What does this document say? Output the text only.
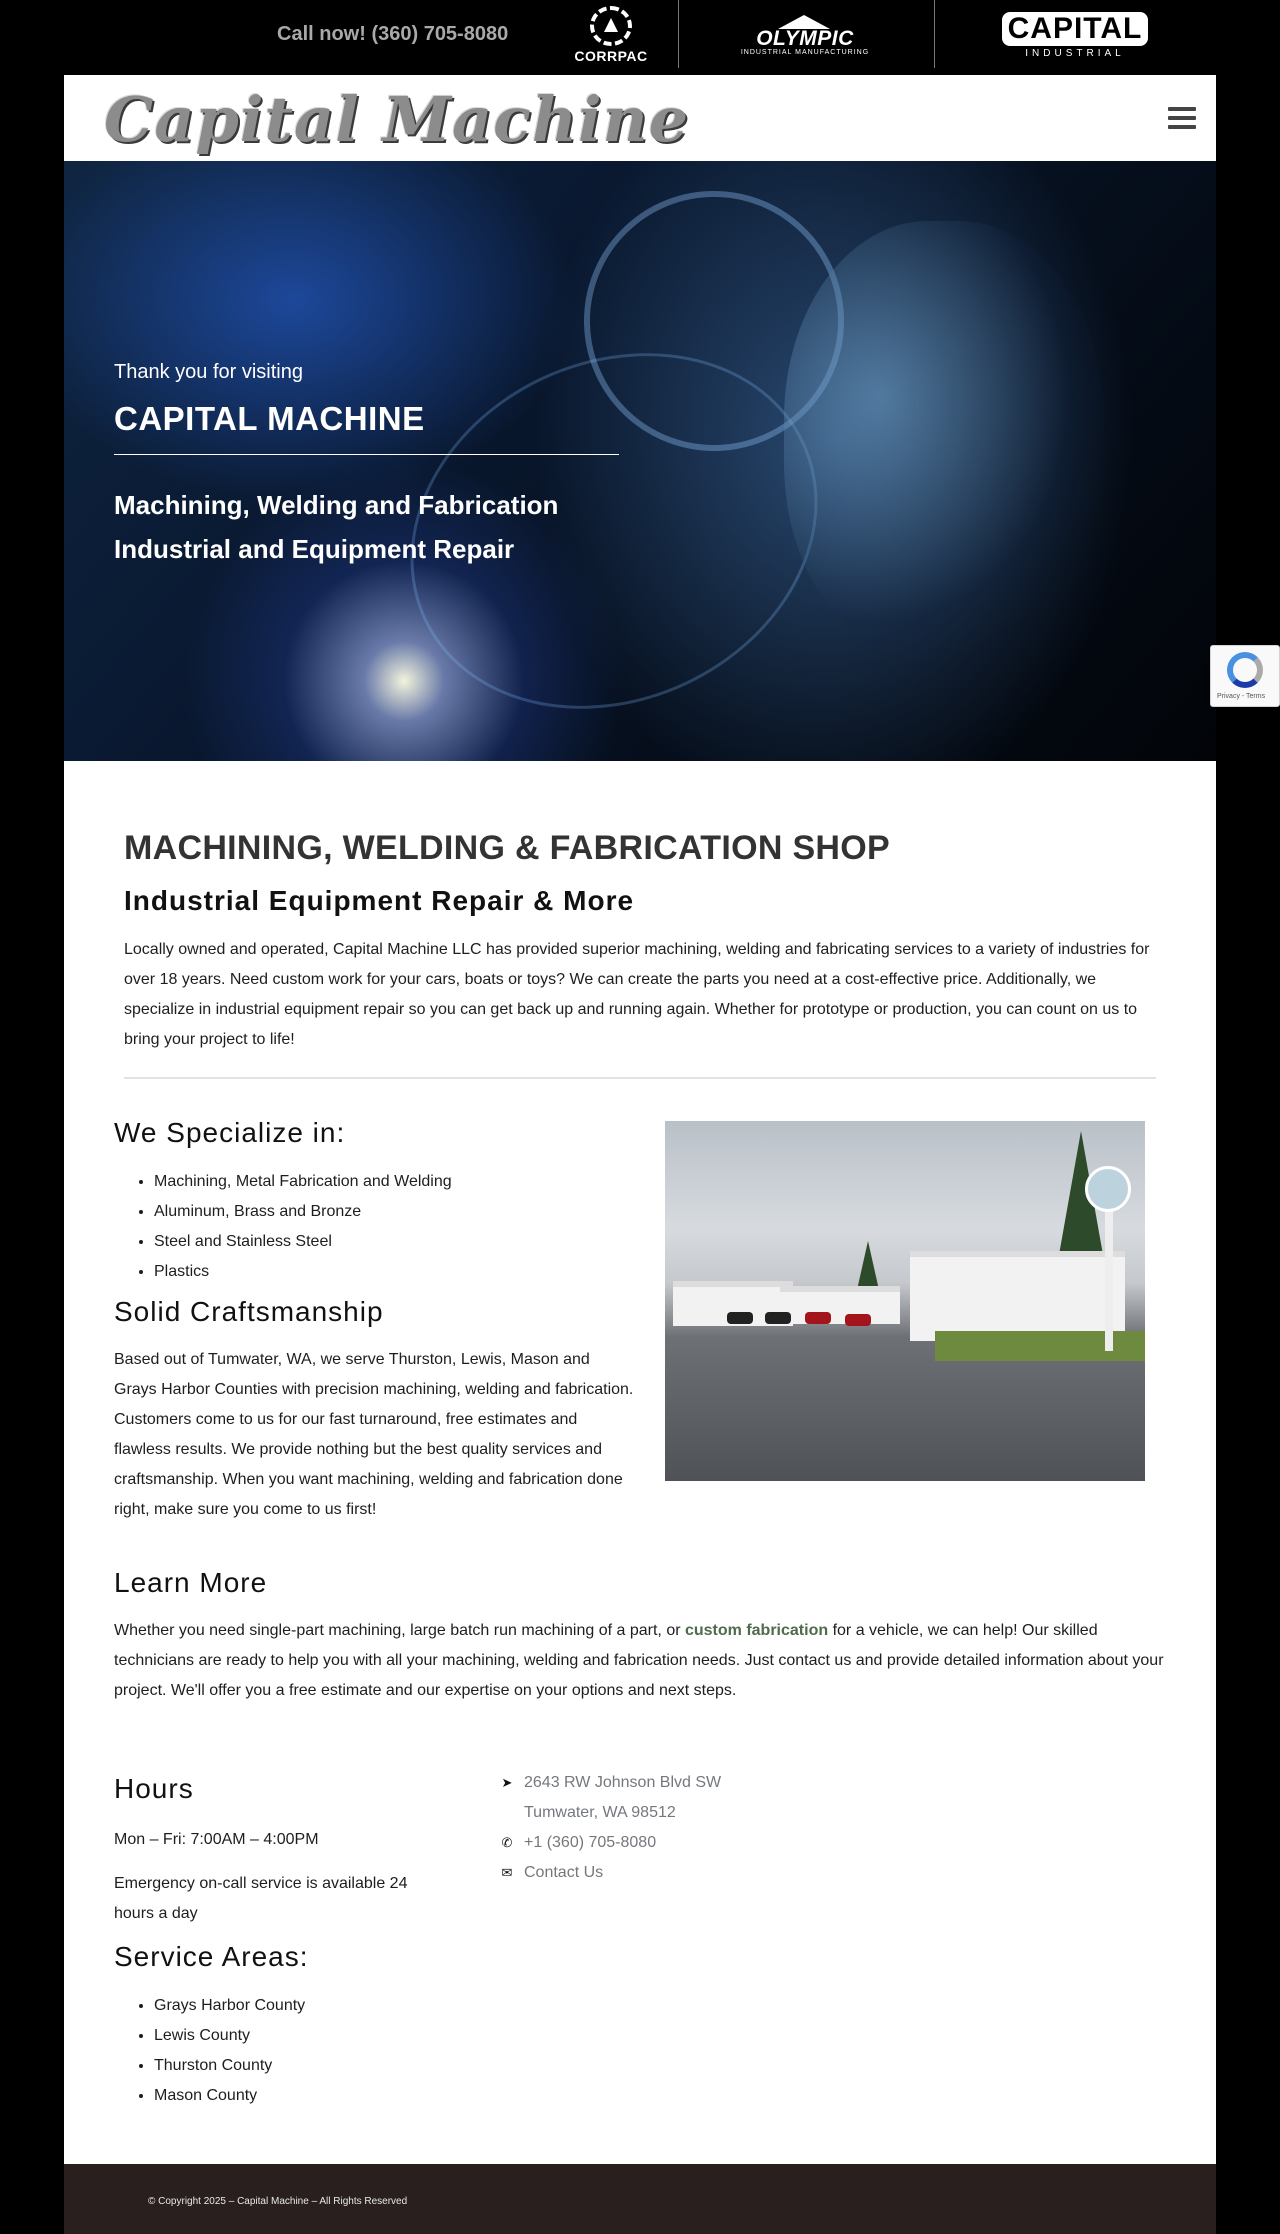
Call now! (360) 705-8080
CORRPAC
OLYMPIC
INDUSTRIAL MANUFACTURING
CAPITAL
INDUSTRIAL
Capital Machine
Thank you for visiting
CAPITAL MACHINE
Machining, Welding and Fabrication
Industrial and Equipment Repair
Privacy - Terms
MACHINING, WELDING & FABRICATION SHOP
Industrial Equipment Repair & More

Locally owned and operated, Capital Machine LLC has provided superior machining, welding and fabricating services to a variety of industries for over 18 years. Need custom work for your cars, boats or toys? We can create the parts you need at a cost-effective price. Additionally, we specialize in industrial equipment repair so you can get back up and running again. Whether for prototype or production, you can count on us to bring your project to life!

We Specialize in:
• Machining, Metal Fabrication and Welding
• Aluminum, Brass and Bronze
• Steel and Stainless Steel
• Plastics
Solid Craftsmanship

Based out of Tumwater, WA, we serve Thurston, Lewis, Mason and Grays Harbor Counties with precision machining, welding and fabrication. Customers come to us for our fast turnaround, free estimates and flawless results. We provide nothing but the best quality services and craftsmanship. When you want machining, welding and fabrication done right, make sure you come to us first!

Learn More

Whether you need single-part machining, large batch run machining of a part, or custom fabrication for a vehicle, we can help! Our skilled technicians are ready to help you with all your machining, welding and fabrication needs. Just contact us and provide detailed information about your project. We'll offer you a free estimate and our expertise on your options and next steps.

Hours

Mon – Fri: 7:00AM – 4:00PM

Emergency on-call service is available 24 hours a day

Service Areas:
• Grays Harbor County
• Lewis County
• Thurston County
• Mason County
➤ 2643 RW Johnson Blvd SW
Tumwater, WA 98512
✆ +1 (360) 705-8080
✉ Contact Us
© Copyright 2025 – Capital Machine – All Rights Reserved
